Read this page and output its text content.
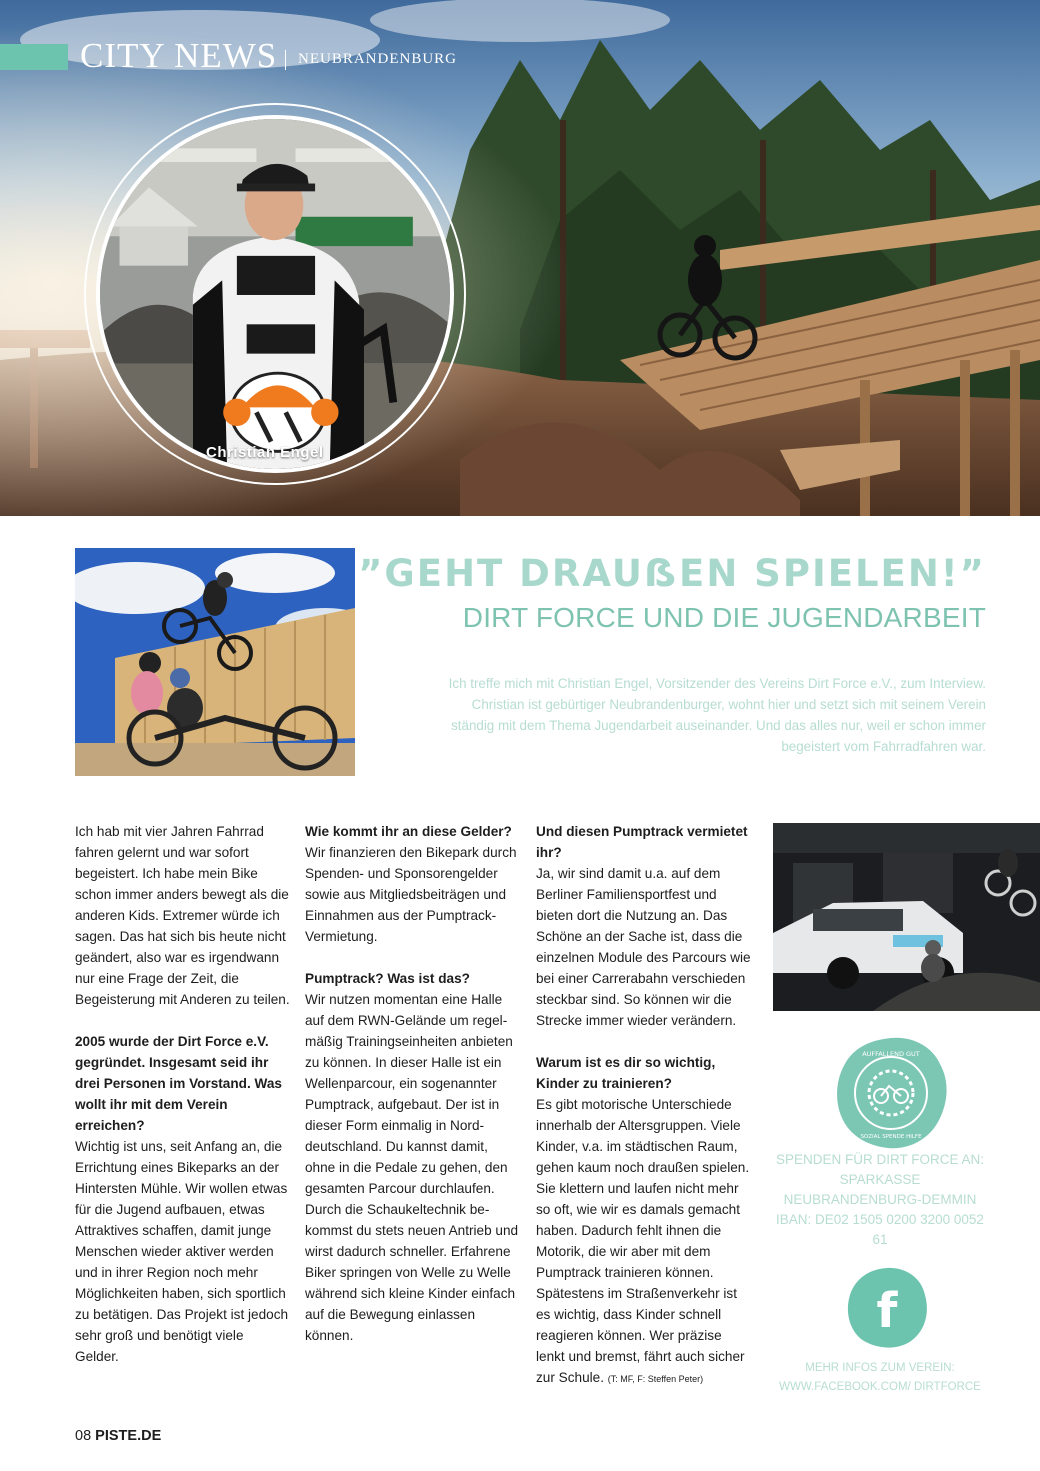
CITY NEWS NEUBRANDENBURG
Christian Engel
”GEHT DRAUẞEN SPIELEN!”
DIRT FORCE UND DIE JUGENDARBEIT
Ich treffe mich mit Christian Engel, Vorsitzender des Vereins Dirt Force e.V., zum Interview. Christian ist gebürtiger Neubrandenburger, wohnt hier und setzt sich mit seinem Verein ständig mit dem Thema Jugendarbeit auseinander. Und das alles nur, weil er schon immer begeistert vom Fahrradfahren war.

Ich hab mit vier Jahren Fahrrad fahren gelernt und war sofort begeistert. Ich habe mein Bike schon immer anders bewegt als die anderen Kids. Extremer würde ich sagen. Das hat sich bis heute nicht geändert, also war es irgendwann nur eine Frage der Zeit, die Begeisterung mit Anderen zu teilen.

2005 wurde der Dirt Force e.V. gegründet. Insgesamt seid ihr drei Personen im Vorstand. Was wollt ihr mit dem Verein erreichen?
Wichtig ist uns, seit Anfang an, die Errichtung eines Bikeparks an der Hintersten Mühle. Wir wollen etwas für die Jugend aufbauen, etwas Attraktives schaffen, damit junge Menschen wieder aktiver werden und in ihrer Region noch mehr Möglichkeiten haben, sich sportlich zu betätigen. Das Projekt ist jedoch sehr groß und benötigt viele Gelder.

Wie kommt ihr an diese Gelder?
Wir finanzieren den Bikepark durch Spenden- und Sponsorengelder sowie aus Mitgliedsbeiträgen und Einnahmen aus der Pumptrack-Vermietung.

Pumptrack? Was ist das?
Wir nutzen momentan eine Halle auf dem RWN-Gelände um regelmäßig Trainingseinheiten anbieten zu können. In dieser Halle ist ein Wellenparcour, ein sogenannter Pumptrack, aufgebaut. Der ist in dieser Form einmalig in Norddeutschland. Du kannst damit, ohne in die Pedale zu gehen, den gesamten Parcour durchlaufen. Durch die Schaukeltechnik bekommst du stets neuen Antrieb und wirst dadurch schneller. Erfahrene Biker springen von Welle zu Welle während sich kleine Kinder einfach auf die Bewegung einlassen können.

Und diesen Pumptrack vermietet ihr?
Ja, wir sind damit u.a. auf dem Berliner Familiensportfest und bieten dort die Nutzung an. Das Schöne an der Sache ist, dass die einzelnen Module des Parcours wie bei einer Carrerabahn verschieden steckbar sind. So können wir die Strecke immer wieder verändern.

Warum ist es dir so wichtig, Kinder zu trainieren?
Es gibt motorische Unterschiede innerhalb der Altersgruppen. Viele Kinder, v.a. im städtischen Raum, gehen kaum noch draußen spielen. Sie klettern und laufen nicht mehr so oft, wie wir es damals gemacht haben. Dadurch fehlt ihnen die Motorik, die wir aber mit dem Pumptrack trainieren können. Spätestens im Straßenverkehr ist es wichtig, dass Kinder schnell reagieren können. Wer präzise lenkt und bremst, fährt auch sicher zur Schule. (T: MF, F: Steffen Peter)

AUFFALLEND GUT
SOZIAL SPENDE HILFE
SPENDEN FÜR DIRT FORCE AN:
SPARKASSE NEUBRANDENBURG-DEMMIN
IBAN: DE02 1505 0200 3200 0052 61
f
MEHR INFOS ZUM VEREIN:
WWW.FACEBOOK.COM/ DIRTFORCE
08 PISTE.DE
